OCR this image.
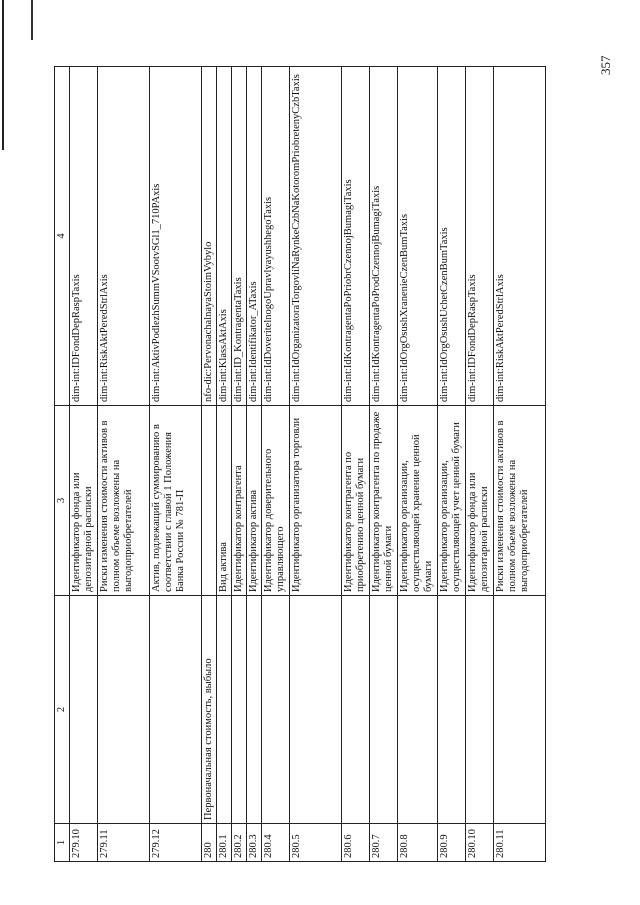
357
1	2	3	4
279.10		Идентификатор фонда или депозитарной расписки	dim-int:IDFondDepRaspTaxis
279.11		Риски изменения стоимости активов в полном объеме возложены на выгодоприобретателей	dim-int:RiskAktPeredStrlAxis
279.12		Актив, подлежащий суммированию в соответствии с главой 1 Положения Банка России № 781-П	dim-int:AktivPodlezhSummVSootvSGl1_710PAxis
280	Первоначальная стоимость, выбыло		nfo-dic:PervonachalnayaStoimVybylo
280.1		Вид актива	dim-int:KlassAktAxis
280.2		Идентификатор контрагента	dim-int:ID_KontragentaTaxis
280.3		Идентификатор актива	dim-int:Identifikator_ATaxis
280.4		Идентификатор доверительного управляющего	dim-int:IdDoveritelnogoUpravlyayushhegoTaxis
280.5		Идентификатор организатора торговли	dim-int:IdOrganizatoraTorgovliNaRynkeCzbNaKotoromPriobretenyCzbTaxis
280.6		Идентификатор контрагента по приобретению ценной бумаги	dim-int:IdKontragentaPoPriobrCzennojBumagiTaxis
280.7		Идентификатор контрагента по продаже ценной бумаги	dim-int:IdKontragentaPoProdCzennojBumagiTaxis
280.8		Идентификатор организации, осуществляющей хранение ценной бумаги	dim-int:IdOrgOsushXranenieCzenBumTaxis
280.9		Идентификатор организации, осуществляющей учет ценной бумаги	dim-int:IdOrgOsushUchetCzenBumTaxis
280.10		Идентификатор фонда или депозитарной расписки	dim-int:IDFondDepRaspTaxis
280.11		Риски изменения стоимости активов в полном объеме возложены на выгодоприобретателей	dim-int:RiskAktPeredStrlAxis
